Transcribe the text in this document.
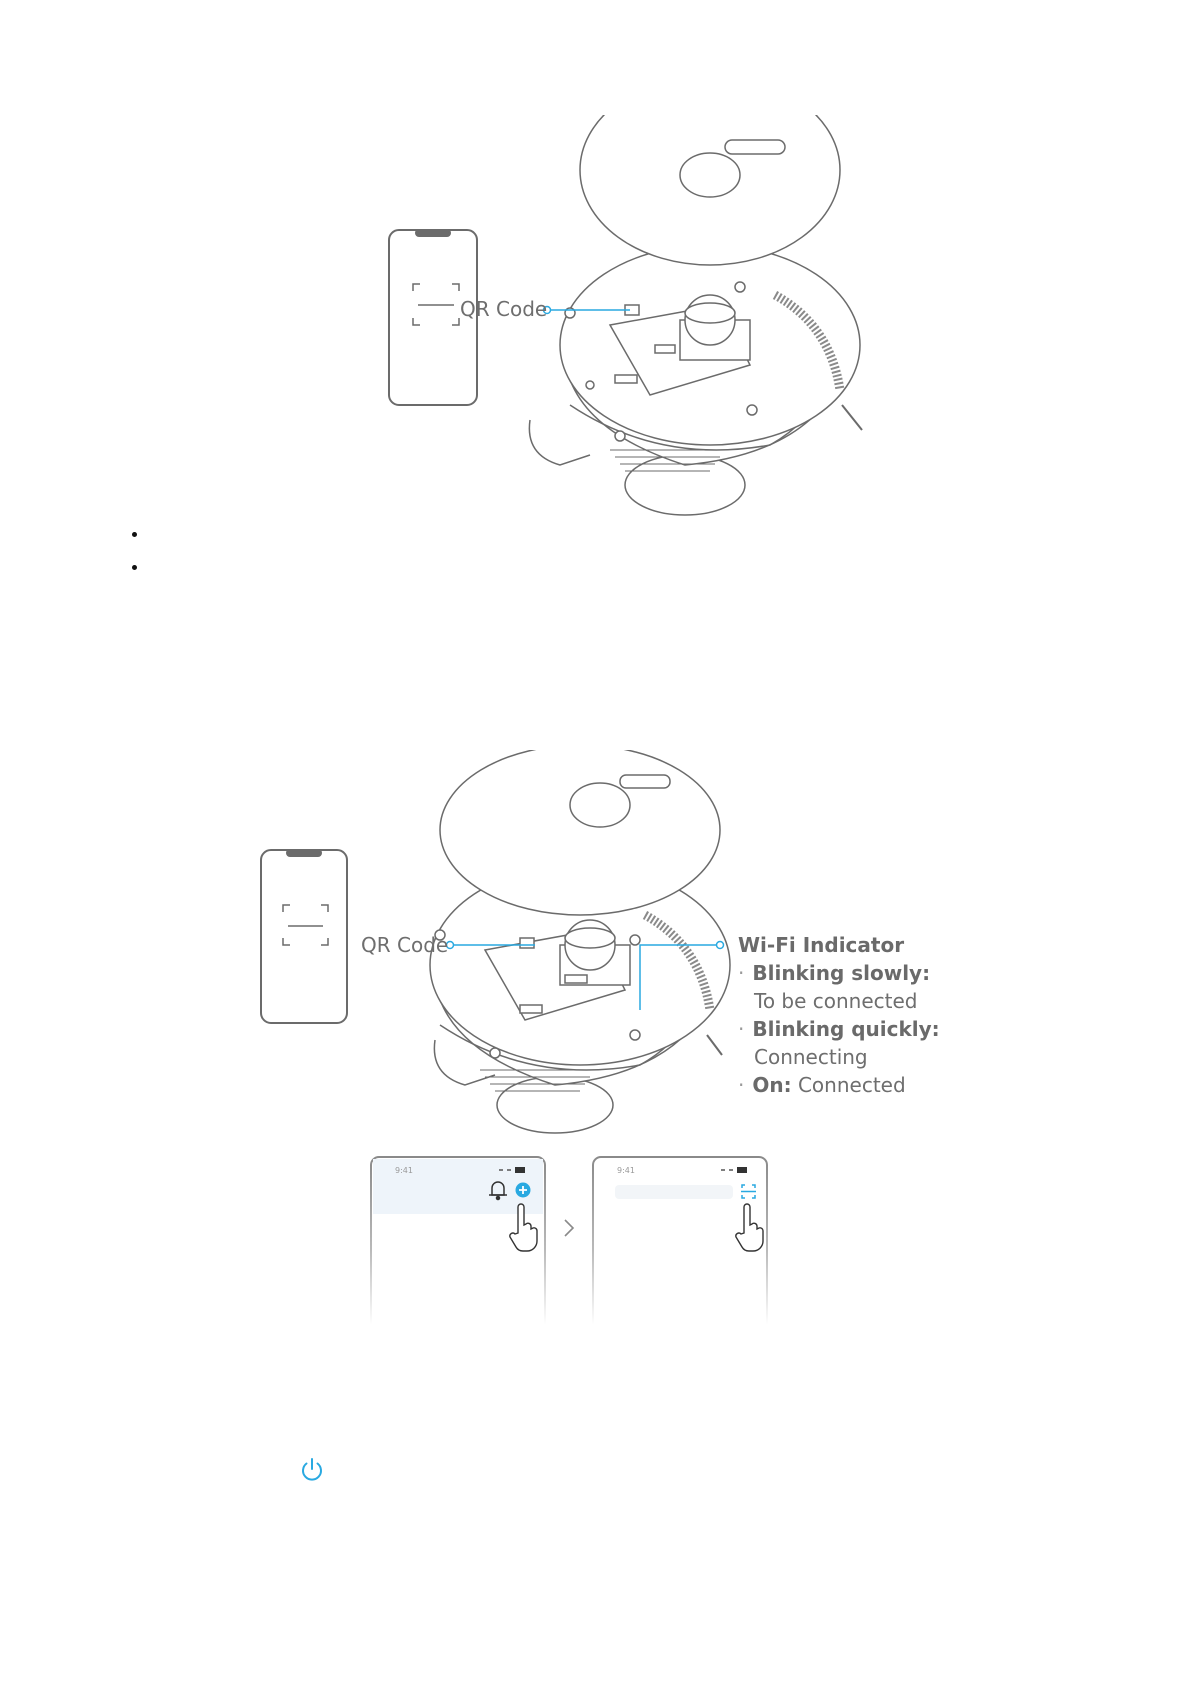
QR Code
QR Code	Wi-Fi Indicator
· Blinking slowly:
To be connected
· Blinking quickly:
Connecting
· On: Connected
9:41	9:41
